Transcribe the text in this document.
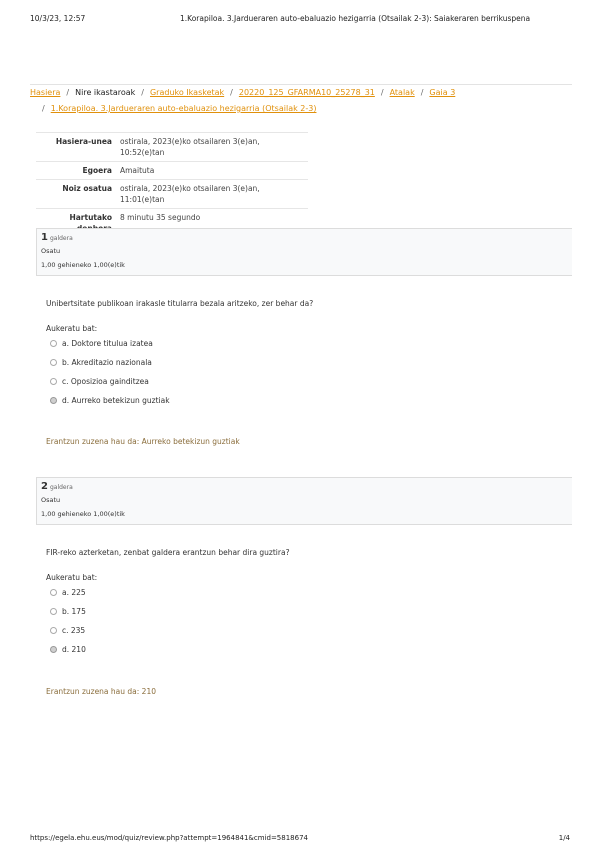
10/3/23, 12:57	1.Korapiloa. 3.Jardueraren auto-ebaluazio hezigarria (Otsailak 2-3): Saiakeraren berrikuspena
Hasiera / Nire ikastaroak / Graduko Ikasketak / 20220_125_GFARMA10_25278_31 / Atalak / Gaia 3
/ 1.Korapiloa. 3.Jardueraren auto-ebaluazio hezigarria (Otsailak 2-3)
Hasiera-unea	ostirala, 2023(e)ko otsailaren 3(e)an, 10:52(e)tan
Egoera	Amaituta
Noiz osatua	ostirala, 2023(e)ko otsailaren 3(e)an, 11:01(e)tan
Hartutako	8 minutu 35 segundo

1 galdera
Osatu
1,00 gehieneko 1,00(e)tik
Unibertsitate publikoan irakasle titularra bezala aritzeko, zer behar da?
Aukeratu bat:
a. Doktore titulua izatea
b. Akreditazio nazionala
c. Oposizioa gainditzea
d. Aurreko betekizun guztiak
Erantzun zuzena hau da: Aurreko betekizun guztiak
2 galdera
Osatu
1,00 gehieneko 1,00(e)tik
FIR-reko azterketan, zenbat galdera erantzun behar dira guztira?
Aukeratu bat:
a. 225
b. 175
c. 235
d. 210
Erantzun zuzena hau da: 210
https://egela.ehu.eus/mod/quiz/review.php?attempt=1964841&cmid=5818674	1/4
